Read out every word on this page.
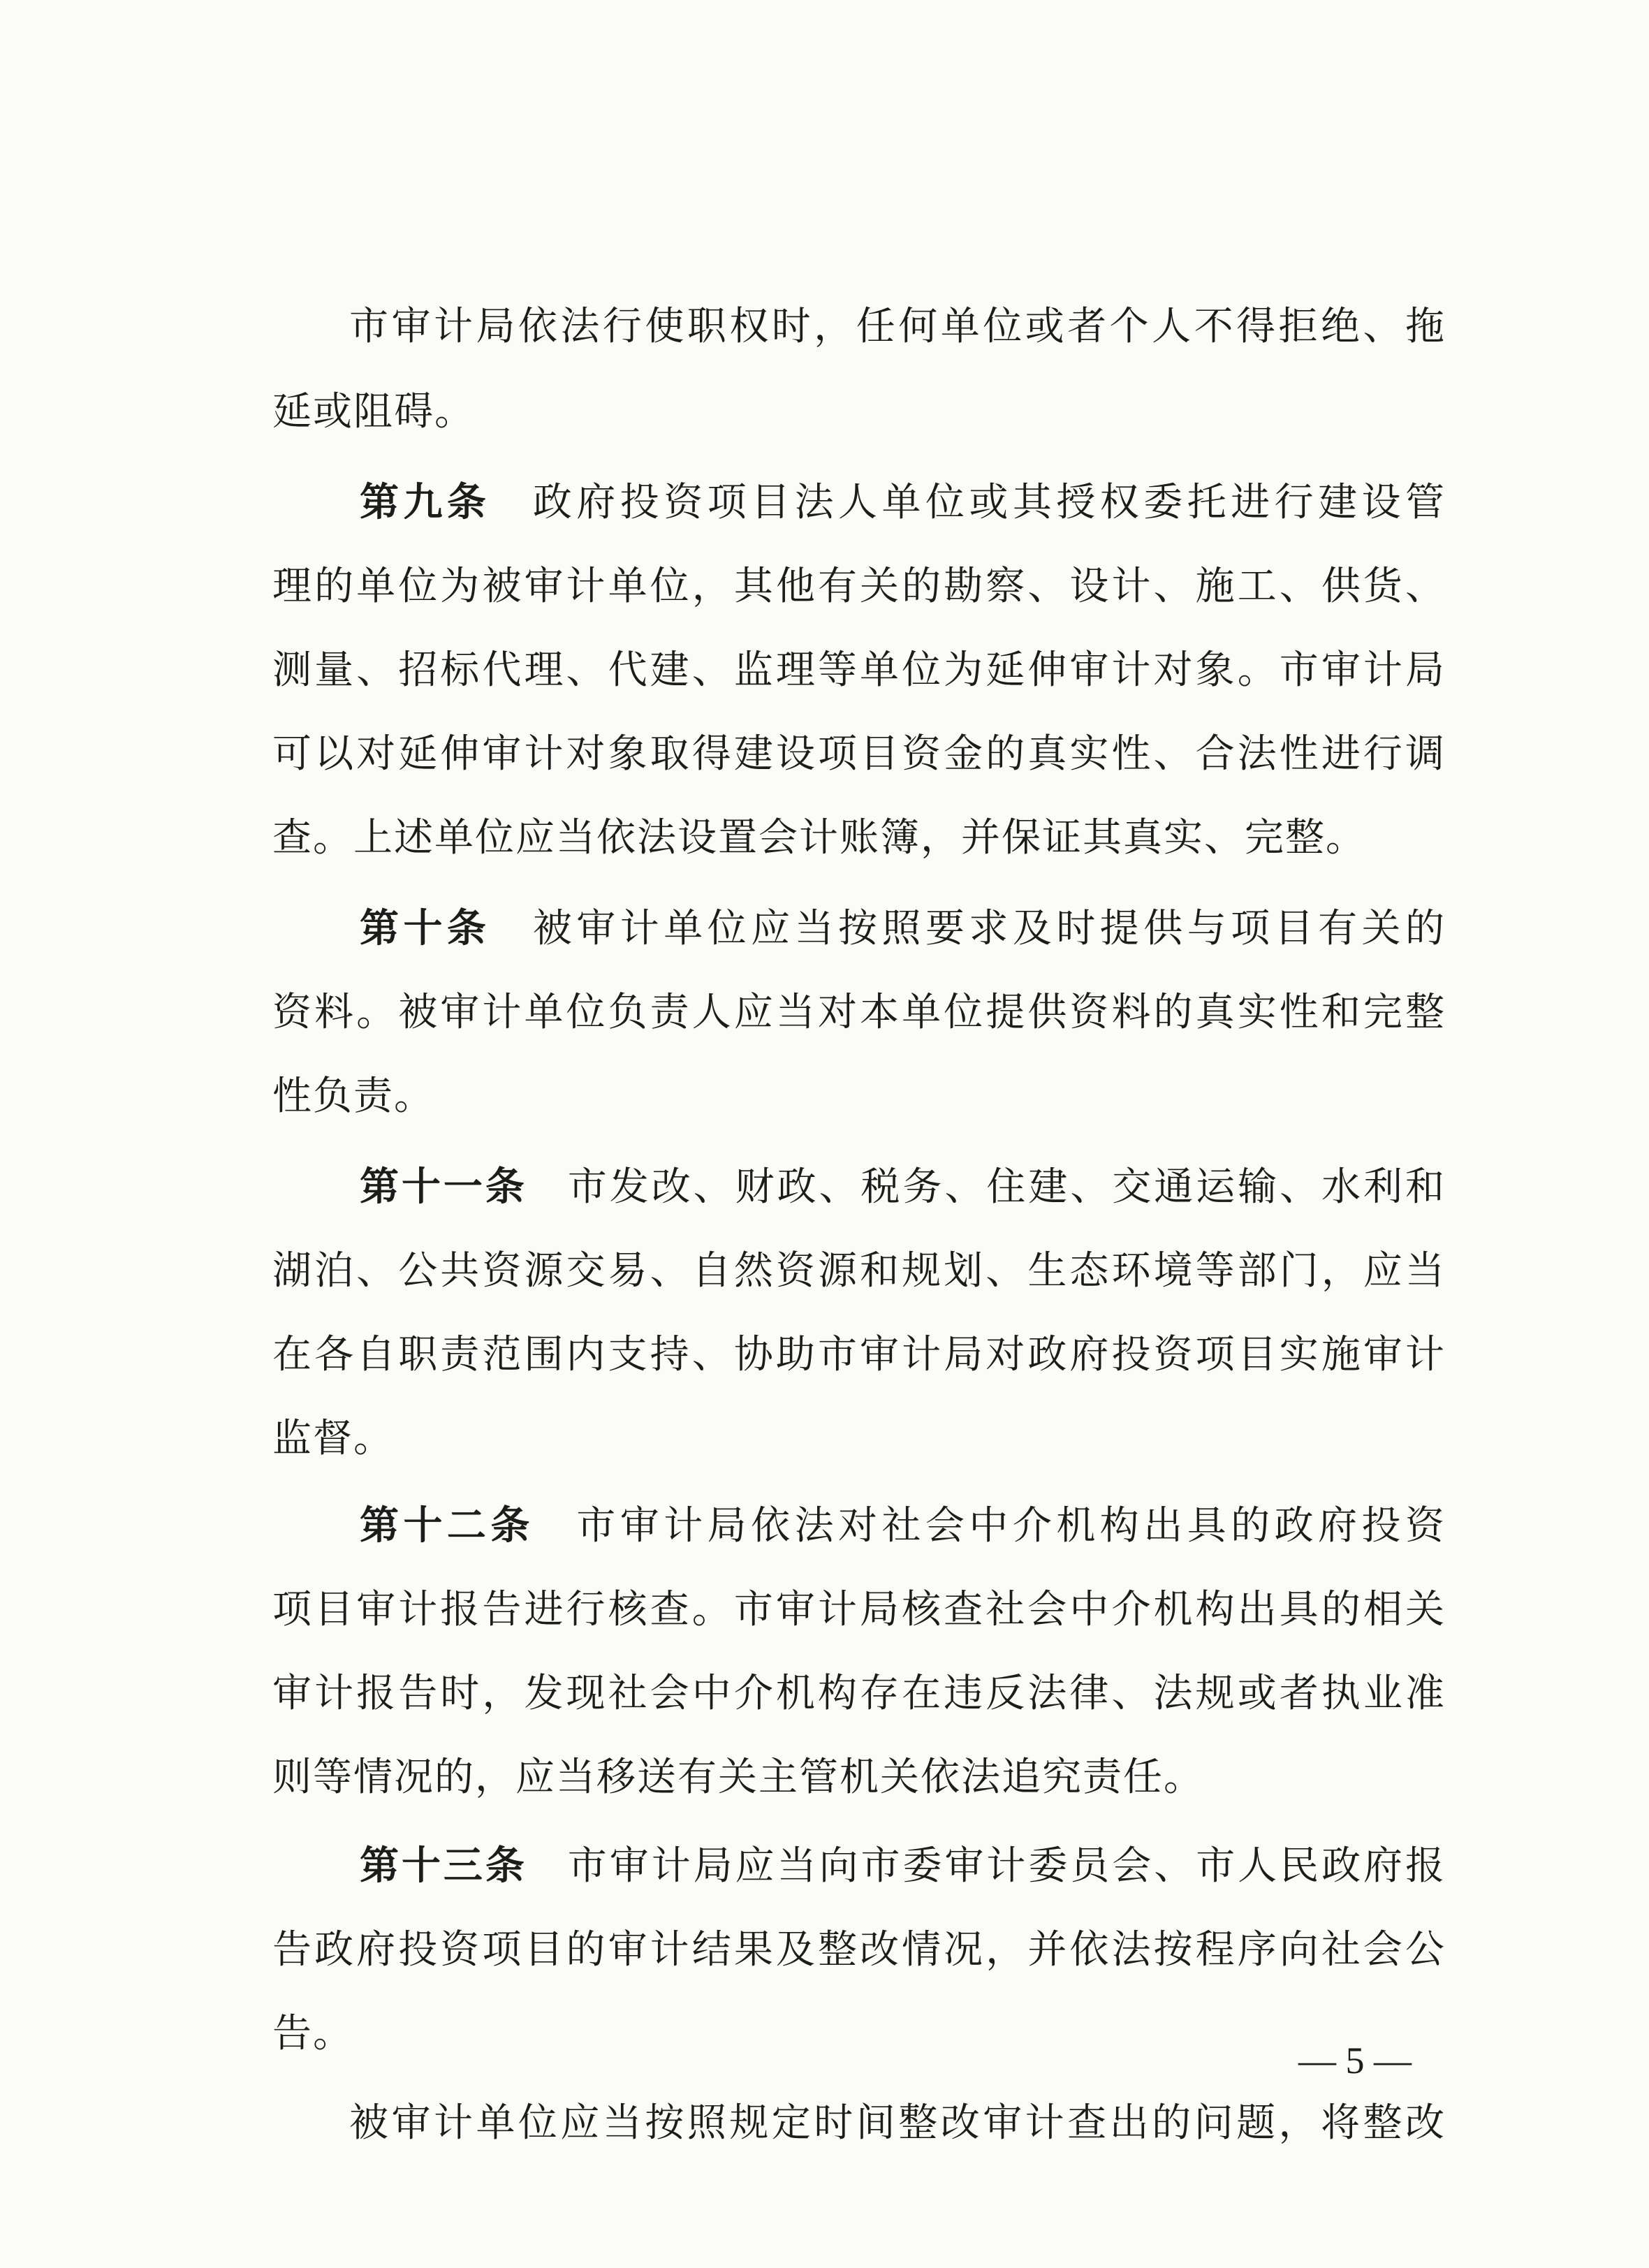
市审计局依法行使职权时，任何单位或者个人不得拒绝、拖
延或阻碍。
第九条 政府投资项目法人单位或其授权委托进行建设管
理的单位为被审计单位，其他有关的勘察、设计、施工、供货、
测量、招标代理、代建、监理等单位为延伸审计对象。市审计局
可以对延伸审计对象取得建设项目资金的真实性、合法性进行调
查。上述单位应当依法设置会计账簿，并保证其真实、完整。
第十条 被审计单位应当按照要求及时提供与项目有关的
资料。被审计单位负责人应当对本单位提供资料的真实性和完整
性负责。
第十一条 市发改、财政、税务、住建、交通运输、水利和
湖泊、公共资源交易、自然资源和规划、生态环境等部门，应当
在各自职责范围内支持、协助市审计局对政府投资项目实施审计
监督。
第十二条 市审计局依法对社会中介机构出具的政府投资
项目审计报告进行核查。市审计局核查社会中介机构出具的相关
审计报告时，发现社会中介机构存在违反法律、法规或者执业准
则等情况的，应当移送有关主管机关依法追究责任。
第十三条 市审计局应当向市委审计委员会、市人民政府报
告政府投资项目的审计结果及整改情况，并依法按程序向社会公
告。
被审计单位应当按照规定时间整改审计查出的问题，将整改
— 5 —
